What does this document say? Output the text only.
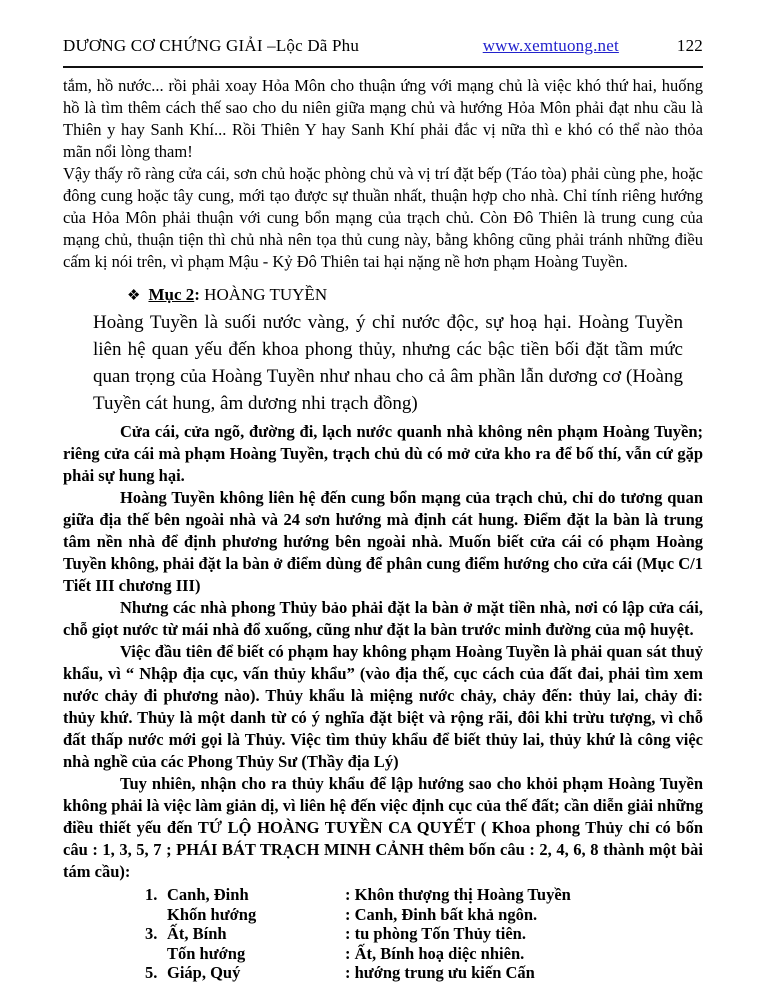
DƯƠNG CƠ CHỨNG GIẢI –Lộc Dã Phu	www.xemtuong.net	122

tắm, hồ nước... rồi phải xoay Hỏa Môn cho thuận ứng với mạng chủ là việc khó thứ hai, huống hồ là tìm thêm cách thế sao cho du niên giữa mạng chủ và hướng Hỏa Môn phải đạt nhu cầu là Thiên y hay Sanh Khí... Rồi Thiên Y hay Sanh Khí phải đắc vị nữa thì e khó có thể nào thỏa mãn nổi lòng tham!

Vậy thấy rõ ràng cửa cái, sơn chủ hoặc phòng chủ và vị trí đặt bếp (Táo tòa) phải cùng phe, hoặc đông cung hoặc tây cung, mới tạo được sự thuần nhất, thuận hợp cho nhà. Chỉ tính riêng hướng của Hỏa Môn phải thuận với cung bổn mạng của trạch chủ. Còn Đô Thiên là trung cung của mạng chủ, thuận tiện thì chủ nhà nên tọa thủ cung này, bằng không cũng phải tránh những điều cấm kị nói trên, vì phạm Mậu - Kỷ Đô Thiên tai hại nặng nề hơn phạm Hoàng Tuyền.

❖ Mục 2: HOÀNG TUYỀN

Hoàng Tuyền là suối nước vàng, ý chỉ nước độc, sự hoạ hại. Hoàng Tuyền liên hệ quan yếu đến khoa phong thủy, nhưng các bậc tiền bối đặt tầm mức quan trọng của Hoàng Tuyền như nhau cho cả âm phần lẫn dương cơ (Hoàng Tuyền cát hung, âm dương nhi trạch đồng)

Cửa cái, cửa ngõ, đường đi, lạch nước quanh nhà không nên phạm Hoàng Tuyền; riêng cửa cái mà phạm Hoàng Tuyền, trạch chủ dù có mở cửa kho ra để bố thí, vẫn cứ gặp phải sự hung hại.

Hoàng Tuyền không liên hệ đến cung bổn mạng của trạch chủ, chỉ do tương quan giữa địa thế bên ngoài nhà và 24 sơn hướng mà định cát hung. Điểm đặt la bàn là trung tâm nền nhà để định phương hướng bên ngoài nhà. Muốn biết cửa cái có phạm Hoàng Tuyền không, phải đặt la bàn ở điểm dùng để phân cung điểm hướng cho cửa cái (Mục C/1 Tiết III chương III)

Nhưng các nhà phong Thủy bảo phải đặt la bàn ở mặt tiền nhà, nơi có lập cửa cái, chỗ giọt nước từ mái nhà đổ xuống, cũng như đặt la bàn trước minh đường của mộ huyệt.

Việc đầu tiên để biết có phạm hay không phạm Hoàng Tuyền là phải quan sát thuỷ khẩu, vì “ Nhập địa cục, vấn thủy khẩu” (vào địa thế, cục cách của đất đai, phải tìm xem nước chảy đi phương nào). Thủy khẩu là miệng nước chảy, chảy đến: thủy lai, chảy đi: thủy khứ. Thủy là một danh từ có ý nghĩa đặt biệt và rộng rãi, đôi khi trừu tượng, vì chỗ đất thấp nước mới gọi là Thủy. Việc tìm thủy khẩu để biết thủy lai, thủy khứ là công việc nhà nghề của các Phong Thủy Sư (Thầy địa Lý)

Tuy nhiên, nhận cho ra thủy khẩu để lập hướng sao cho khỏi phạm Hoàng Tuyền không phải là việc làm giản dị, vì liên hệ đến việc định cục của thế đất; cần diễn giải những điều thiết yếu đến TỨ LỘ HOÀNG TUYỀN CA QUYẾT ( Khoa phong Thủy chỉ có bốn câu : 1, 3, 5, 7 ; PHÁI BÁT TRẠCH MINH CẢNH thêm bốn câu : 2, 4, 6, 8 thành một bài tám cầu):

1. Canh, Đinh	: Khôn thượng thị Hoàng Tuyền
Khốn hướng	: Canh, Đinh bất khả ngôn.
3. Ất, Bính	: tu phòng Tốn Thủy tiên.
Tốn hướng	: Ất, Bính hoạ diệc nhiên.
5. Giáp, Quý	: hướng trung ưu kiến Cấn
